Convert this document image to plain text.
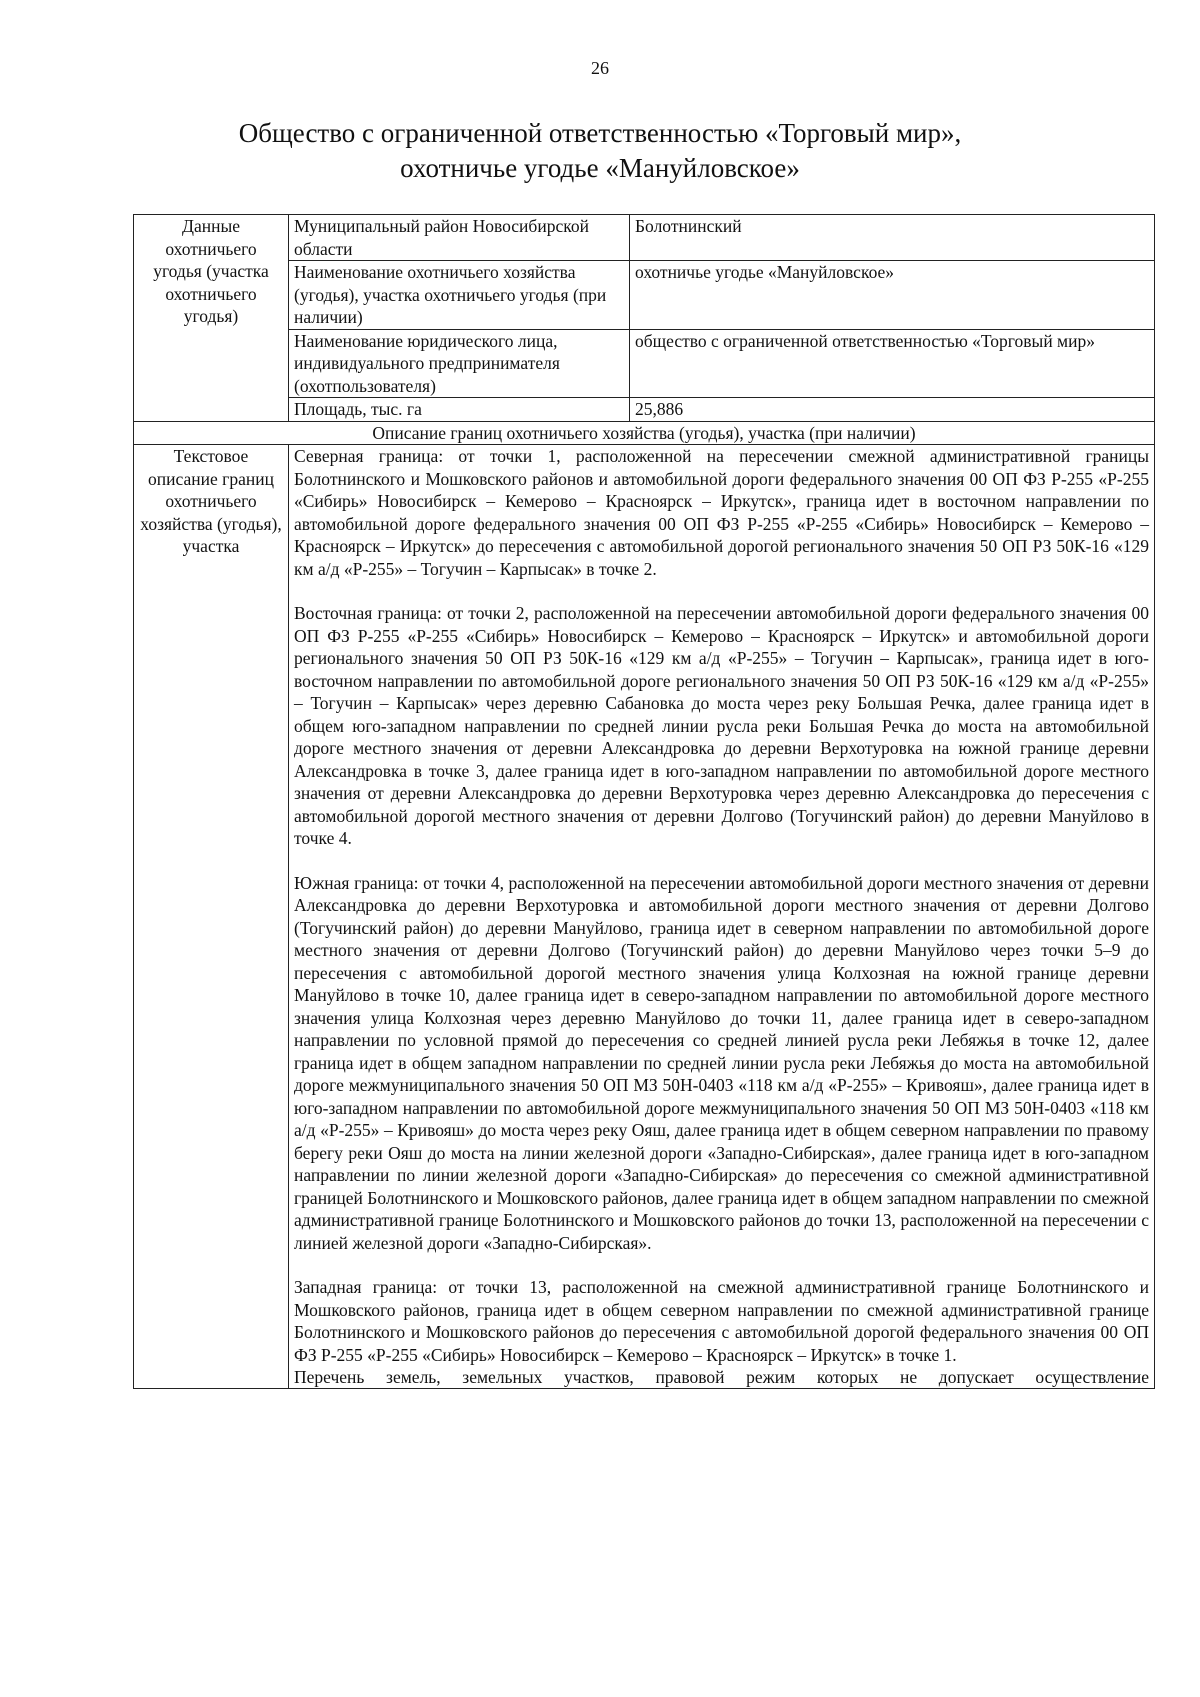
26
Общество с ограниченной ответственностью «Торговый мир»,
охотничье угодье «Мануйловское»
Данные охотничьего угодья (участка охотничьего угодья)	Муниципальный район Новосибирской области	Болотнинский
	Наименование охотничьего хозяйства (угодья), участка охотничьего угодья (при наличии)	охотничье угодье «Мануйловское»
	Наименование юридического лица, индивидуального предпринимателя (охотпользователя)	общество с ограниченной ответственностью «Торговый мир»
	Площадь, тыс. га	25,886
Описание границ охотничьего хозяйства (угодья), участка (при наличии)		
Текстовое описание границ охотничьего хозяйства (угодья), участка	Северная граница: от точки 1, расположенной на пересечении смежной административной границы Болотнинского и Мошковского районов и автомобильной дороги федерального значения 00 ОП ФЗ Р-255 «Р-255 «Сибирь» Новосибирск – Кемерово – Красноярск – Иркутск», граница идет в восточном направлении по автомобильной дороге федерального значения 00 ОП ФЗ Р-255 «Р-255 «Сибирь» Новосибирск – Кемерово – Красноярск – Иркутск» до пересечения с автомобильной дорогой регионального значения 50 ОП РЗ 50К-16 «129 км а/д «Р-255» – Тогучин – Карпысак» в точке 2.
Восточная граница: от точки 2, расположенной на пересечении автомобильной дороги федерального значения 00 ОП ФЗ Р-255 «Р-255 «Сибирь» Новосибирск – Кемерово – Красноярск – Иркутск» и автомобильной дороги регионального значения 50 ОП РЗ 50К-16 «129 км а/д «Р-255» – Тогучин – Карпысак», граница идет в юго-восточном направлении по автомобильной дороге регионального значения 50 ОП РЗ 50К-16 «129 км а/д «Р-255» – Тогучин – Карпысак» через деревню Сабановка до моста через реку Большая Речка, далее граница идет в общем юго-западном направлении по средней линии русла реки Большая Речка до моста на автомобильной дороге местного значения от деревни Александровка до деревни Верхотуровка на южной границе деревни Александровка в точке 3, далее граница идет в юго-западном направлении по автомобильной дороге местного значения от деревни Александровка до деревни Верхотуровка через деревню Александровка до пересечения с автомобильной дорогой местного значения от деревни Долгово (Тогучинский район) до деревни Мануйлово в точке 4.
Южная граница: от точки 4, расположенной на пересечении автомобильной дороги местного значения от деревни Александровка до деревни Верхотуровка и автомобильной дороги местного значения от деревни Долгово (Тогучинский район) до деревни Мануйлово, граница идет в северном направлении по автомобильной дороге местного значения от деревни Долгово (Тогучинский район) до деревни Мануйлово через точки 5–9 до пересечения с автомобильной дорогой местного значения улица Колхозная на южной границе деревни Мануйлово в точке 10, далее граница идет в северо-западном направлении по автомобильной дороге местного значения улица Колхозная через деревню Мануйлово до точки 11, далее граница идет в северо-западном направлении по условной прямой до пересечения со средней линией русла реки Лебяжья в точке 12, далее граница идет в общем западном направлении по средней линии русла реки Лебяжья до моста на автомобильной дороге межмуниципального значения 50 ОП МЗ 50Н-0403 «118 км а/д «Р-255» – Кривояш», далее граница идет в юго-западном направлении по автомобильной дороге межмуниципального значения 50 ОП МЗ 50Н-0403 «118 км а/д «Р-255» – Кривояш» до моста через реку Ояш, далее граница идет в общем северном направлении по правому берегу реки Ояш до моста на линии железной дороги «Западно-Сибирская», далее граница идет в юго-западном направлении по линии железной дороги «Западно-Сибирская» до пересечения со смежной административной границей Болотнинского и Мошковского районов, далее граница идет в общем западном направлении по смежной административной границе Болотнинского и Мошковского районов до точки 13, расположенной на пересечении с линией железной дороги «Западно-Сибирская».
Западная граница: от точки 13, расположенной на смежной административной границе Болотнинского и Мошковского районов, граница идет в общем северном направлении по смежной административной границе Болотнинского и Мошковского районов до пересечения с автомобильной дорогой федерального значения 00 ОП ФЗ Р-255 «Р-255 «Сибирь» Новосибирск – Кемерово – Красноярск – Иркутск» в точке 1.
Перечень земель, земельных участков, правовой режим которых не допускает осуществление	
